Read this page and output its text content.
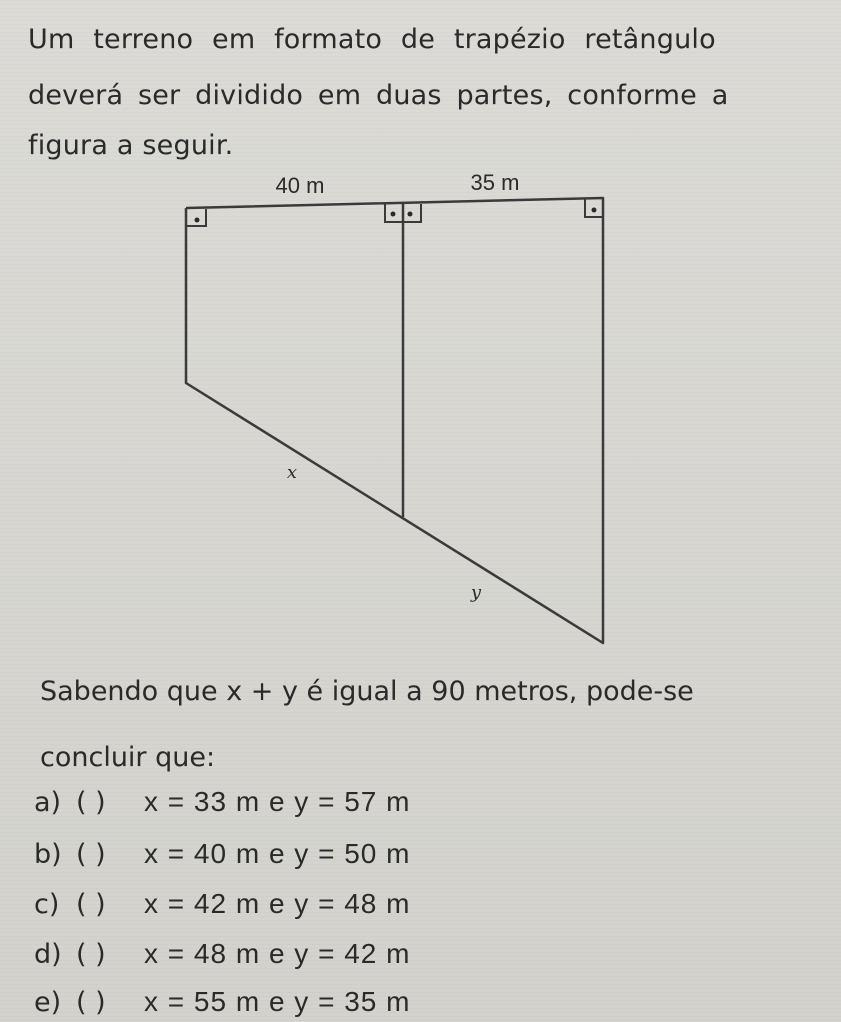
Um terreno em formato de trapézio retângulo
deverá ser dividido em duas partes, conforme a
figura a seguir.
40 m	35 m
x
y
Sabendo que x + y é igual a 90 metros, pode-se
concluir que:
a) ( )	x = 33 m e y = 57 m
b) ( )	x = 40 m e y = 50 m
c) ( )	x = 42 m e y = 48 m
d) ( )	x = 48 m e y = 42 m
e) ( )	x = 55 m e y = 35 m
